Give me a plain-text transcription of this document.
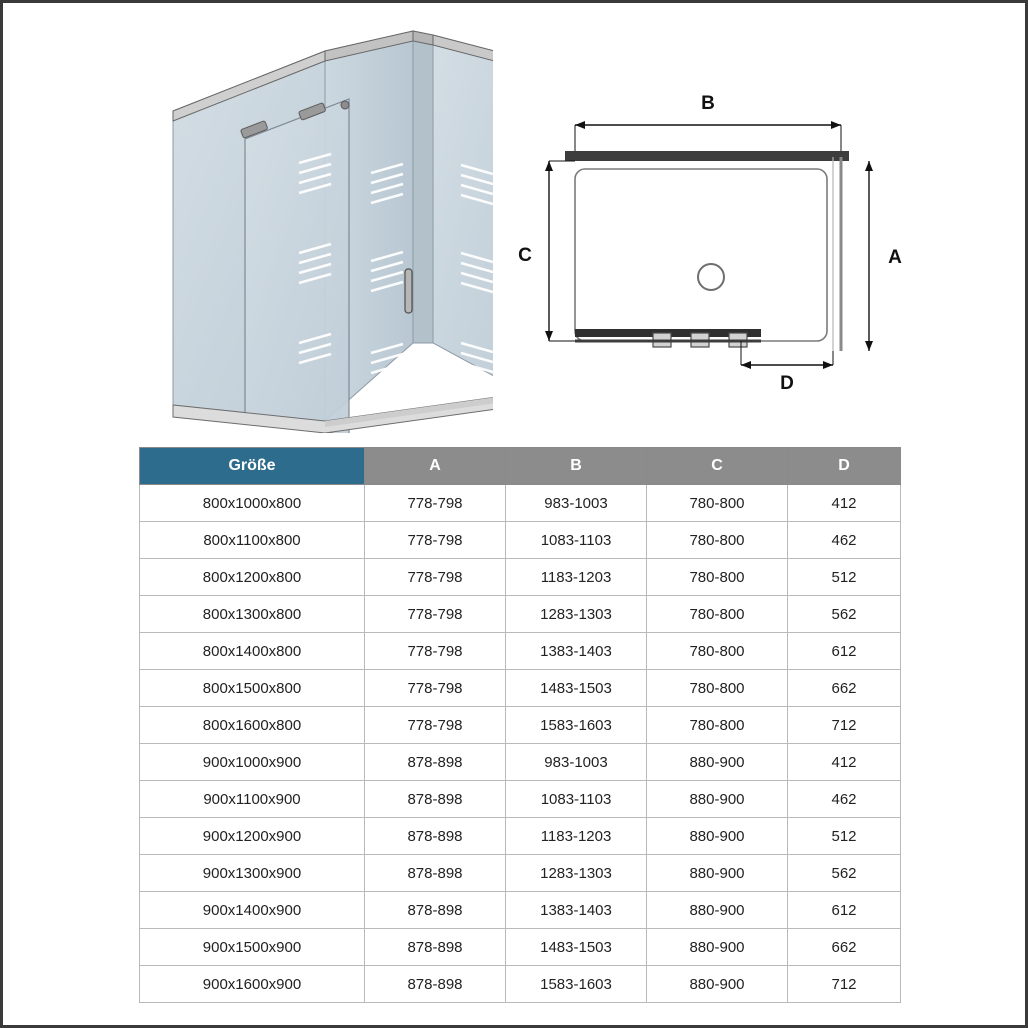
B
A
C
D
Größe	A	B	C	D
800x1000x800	778-798	983-1003	780-800	412
800x1100x800	778-798	1083-1103	780-800	462
800x1200x800	778-798	1183-1203	780-800	512
800x1300x800	778-798	1283-1303	780-800	562
800x1400x800	778-798	1383-1403	780-800	612
800x1500x800	778-798	1483-1503	780-800	662
800x1600x800	778-798	1583-1603	780-800	712
900x1000x900	878-898	983-1003	880-900	412
900x1100x900	878-898	1083-1103	880-900	462
900x1200x900	878-898	1183-1203	880-900	512
900x1300x900	878-898	1283-1303	880-900	562
900x1400x900	878-898	1383-1403	880-900	612
900x1500x900	878-898	1483-1503	880-900	662
900x1600x900	878-898	1583-1603	880-900	712
